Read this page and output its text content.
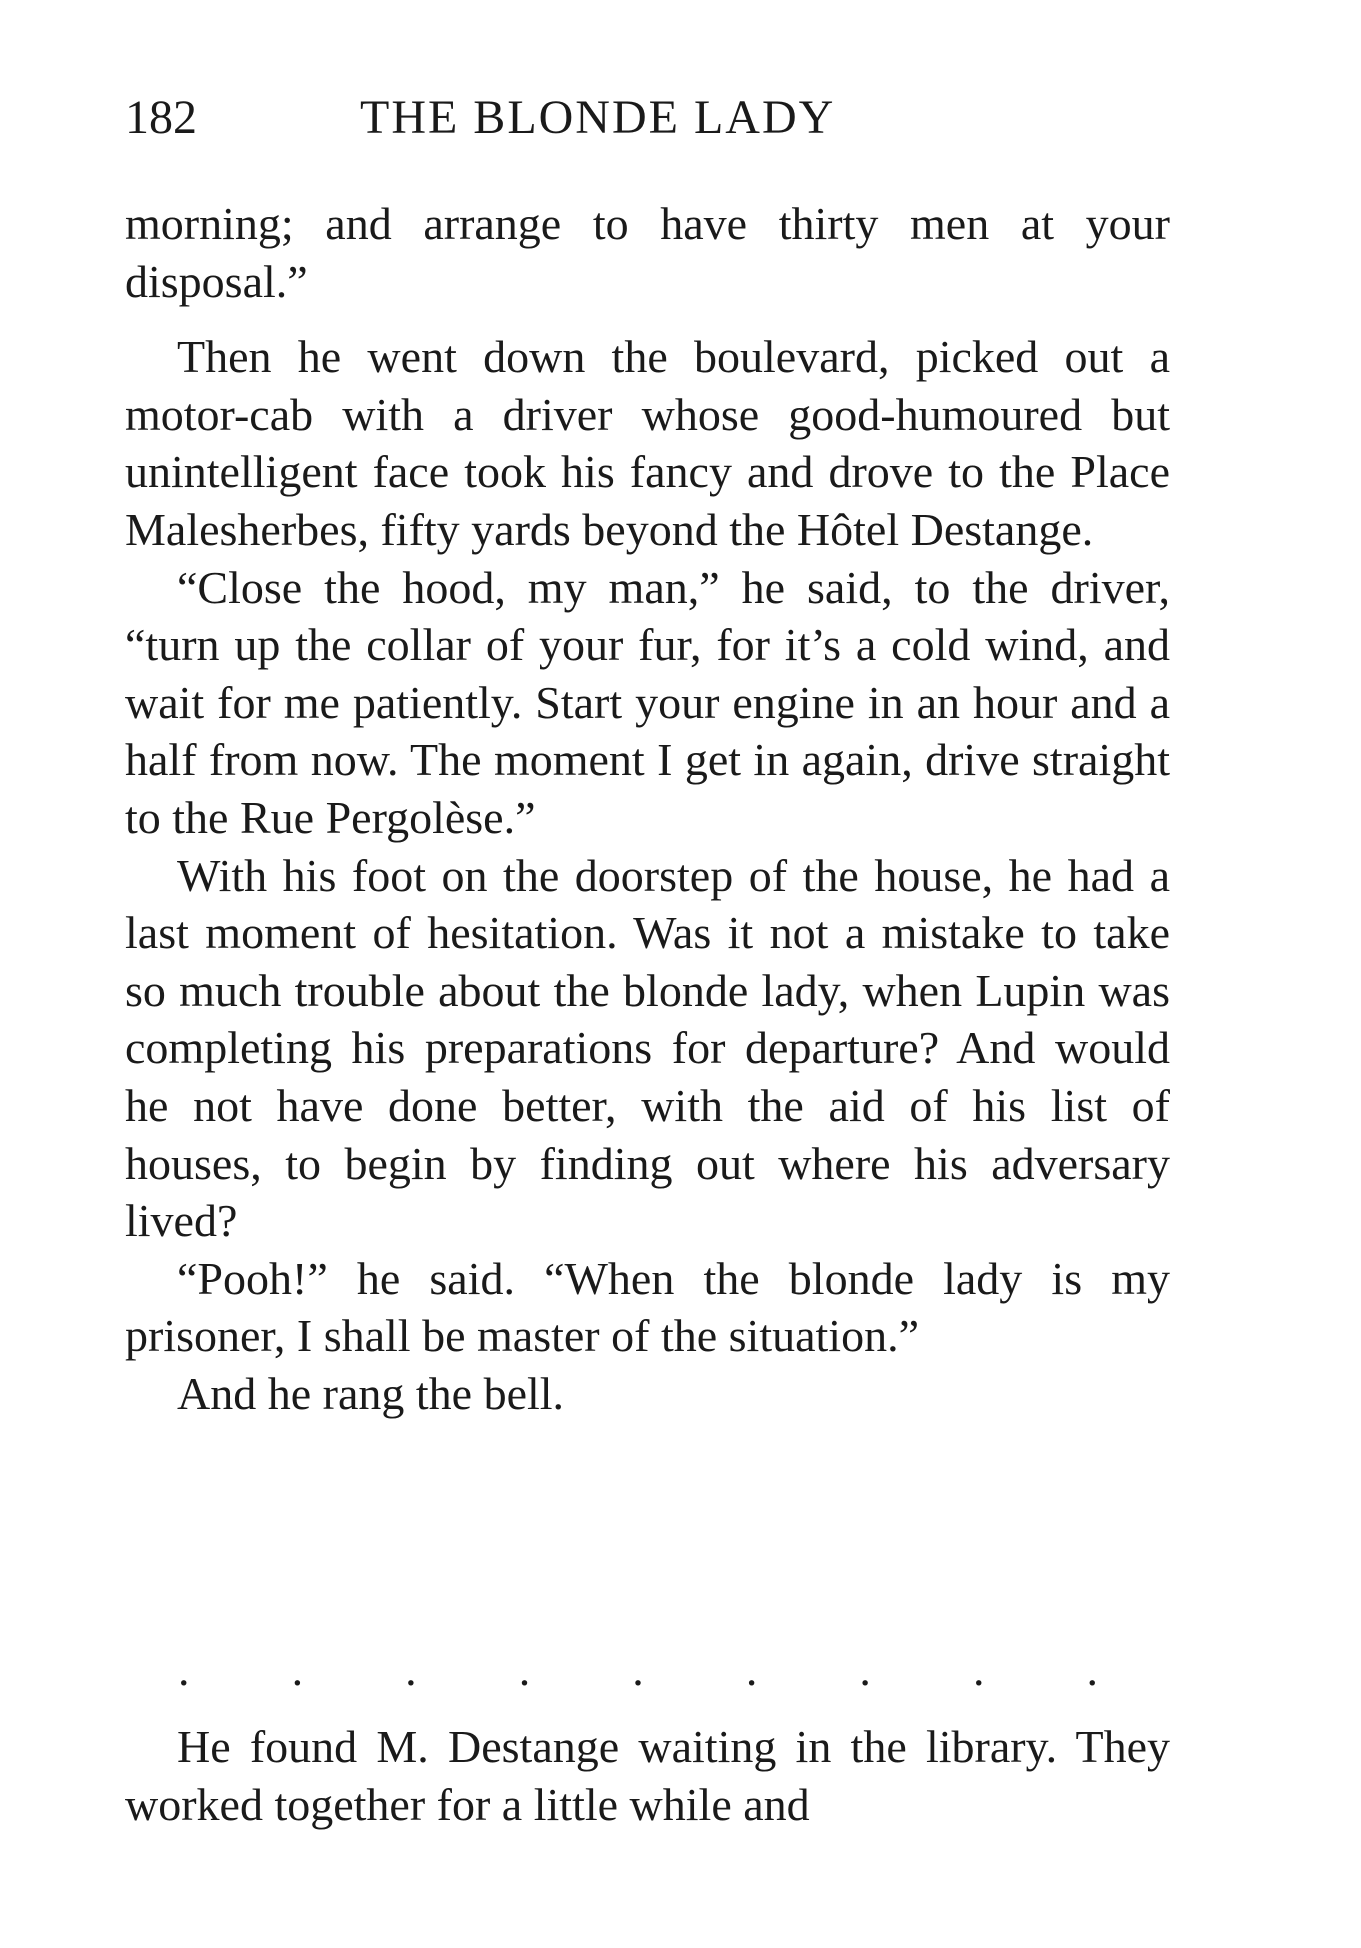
182	THE BLONDE LADY

morning; and arrange to have thirty men at your disposal.”

Then he went down the boulevard, picked out a motor-cab with a driver whose good-humoured but unintelligent face took his fancy and drove to the Place Malesherbes, fifty yards beyond the Hôtel Destange.

“Close the hood, my man,” he said, to the driver, “turn up the collar of your fur, for it’s a cold wind, and wait for me patiently. Start your engine in an hour and a half from now. The moment I get in again, drive straight to the Rue Pergolèse.”

With his foot on the doorstep of the house, he had a last moment of hesitation. Was it not a mistake to take so much trouble about the blonde lady, when Lupin was completing his preparations for departure? And would he not have done better, with the aid of his list of houses, to begin by finding out where his adversary lived?

“Pooh!” he said. “When the blonde lady is my prisoner, I shall be master of the situation.”

And he rang the bell.

. . . . . . . . .

He found M. Destange waiting in the library. They worked together for a little while and
